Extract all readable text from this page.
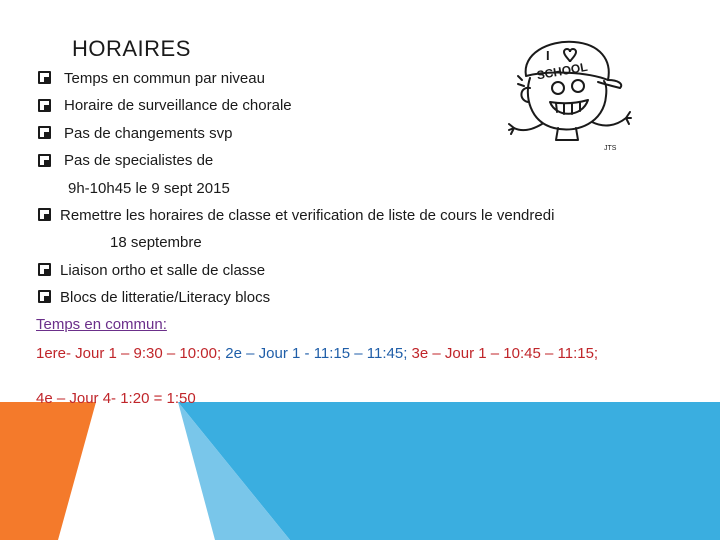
HORAIRES
Temps en commun par niveau
Horaire de surveillance de chorale
Pas de changements svp
Pas de specialistes de
9h-10h45 le 9 sept 2015
Remettre les horaires de classe et verification de liste de cours le vendredi
18 septembre
Liaison ortho et salle de classe
Blocs de litteratie/Literacy blocs
Temps en commun:
1ere- Jour 1 – 9:30 – 10:00; 2e – Jour 1 - 11:15 – 11:45; 3e – Jour 1 – 10:45 – 11:15;
4e – Jour 4- 1:20 = 1:50
I
SCHOOL
JTS
